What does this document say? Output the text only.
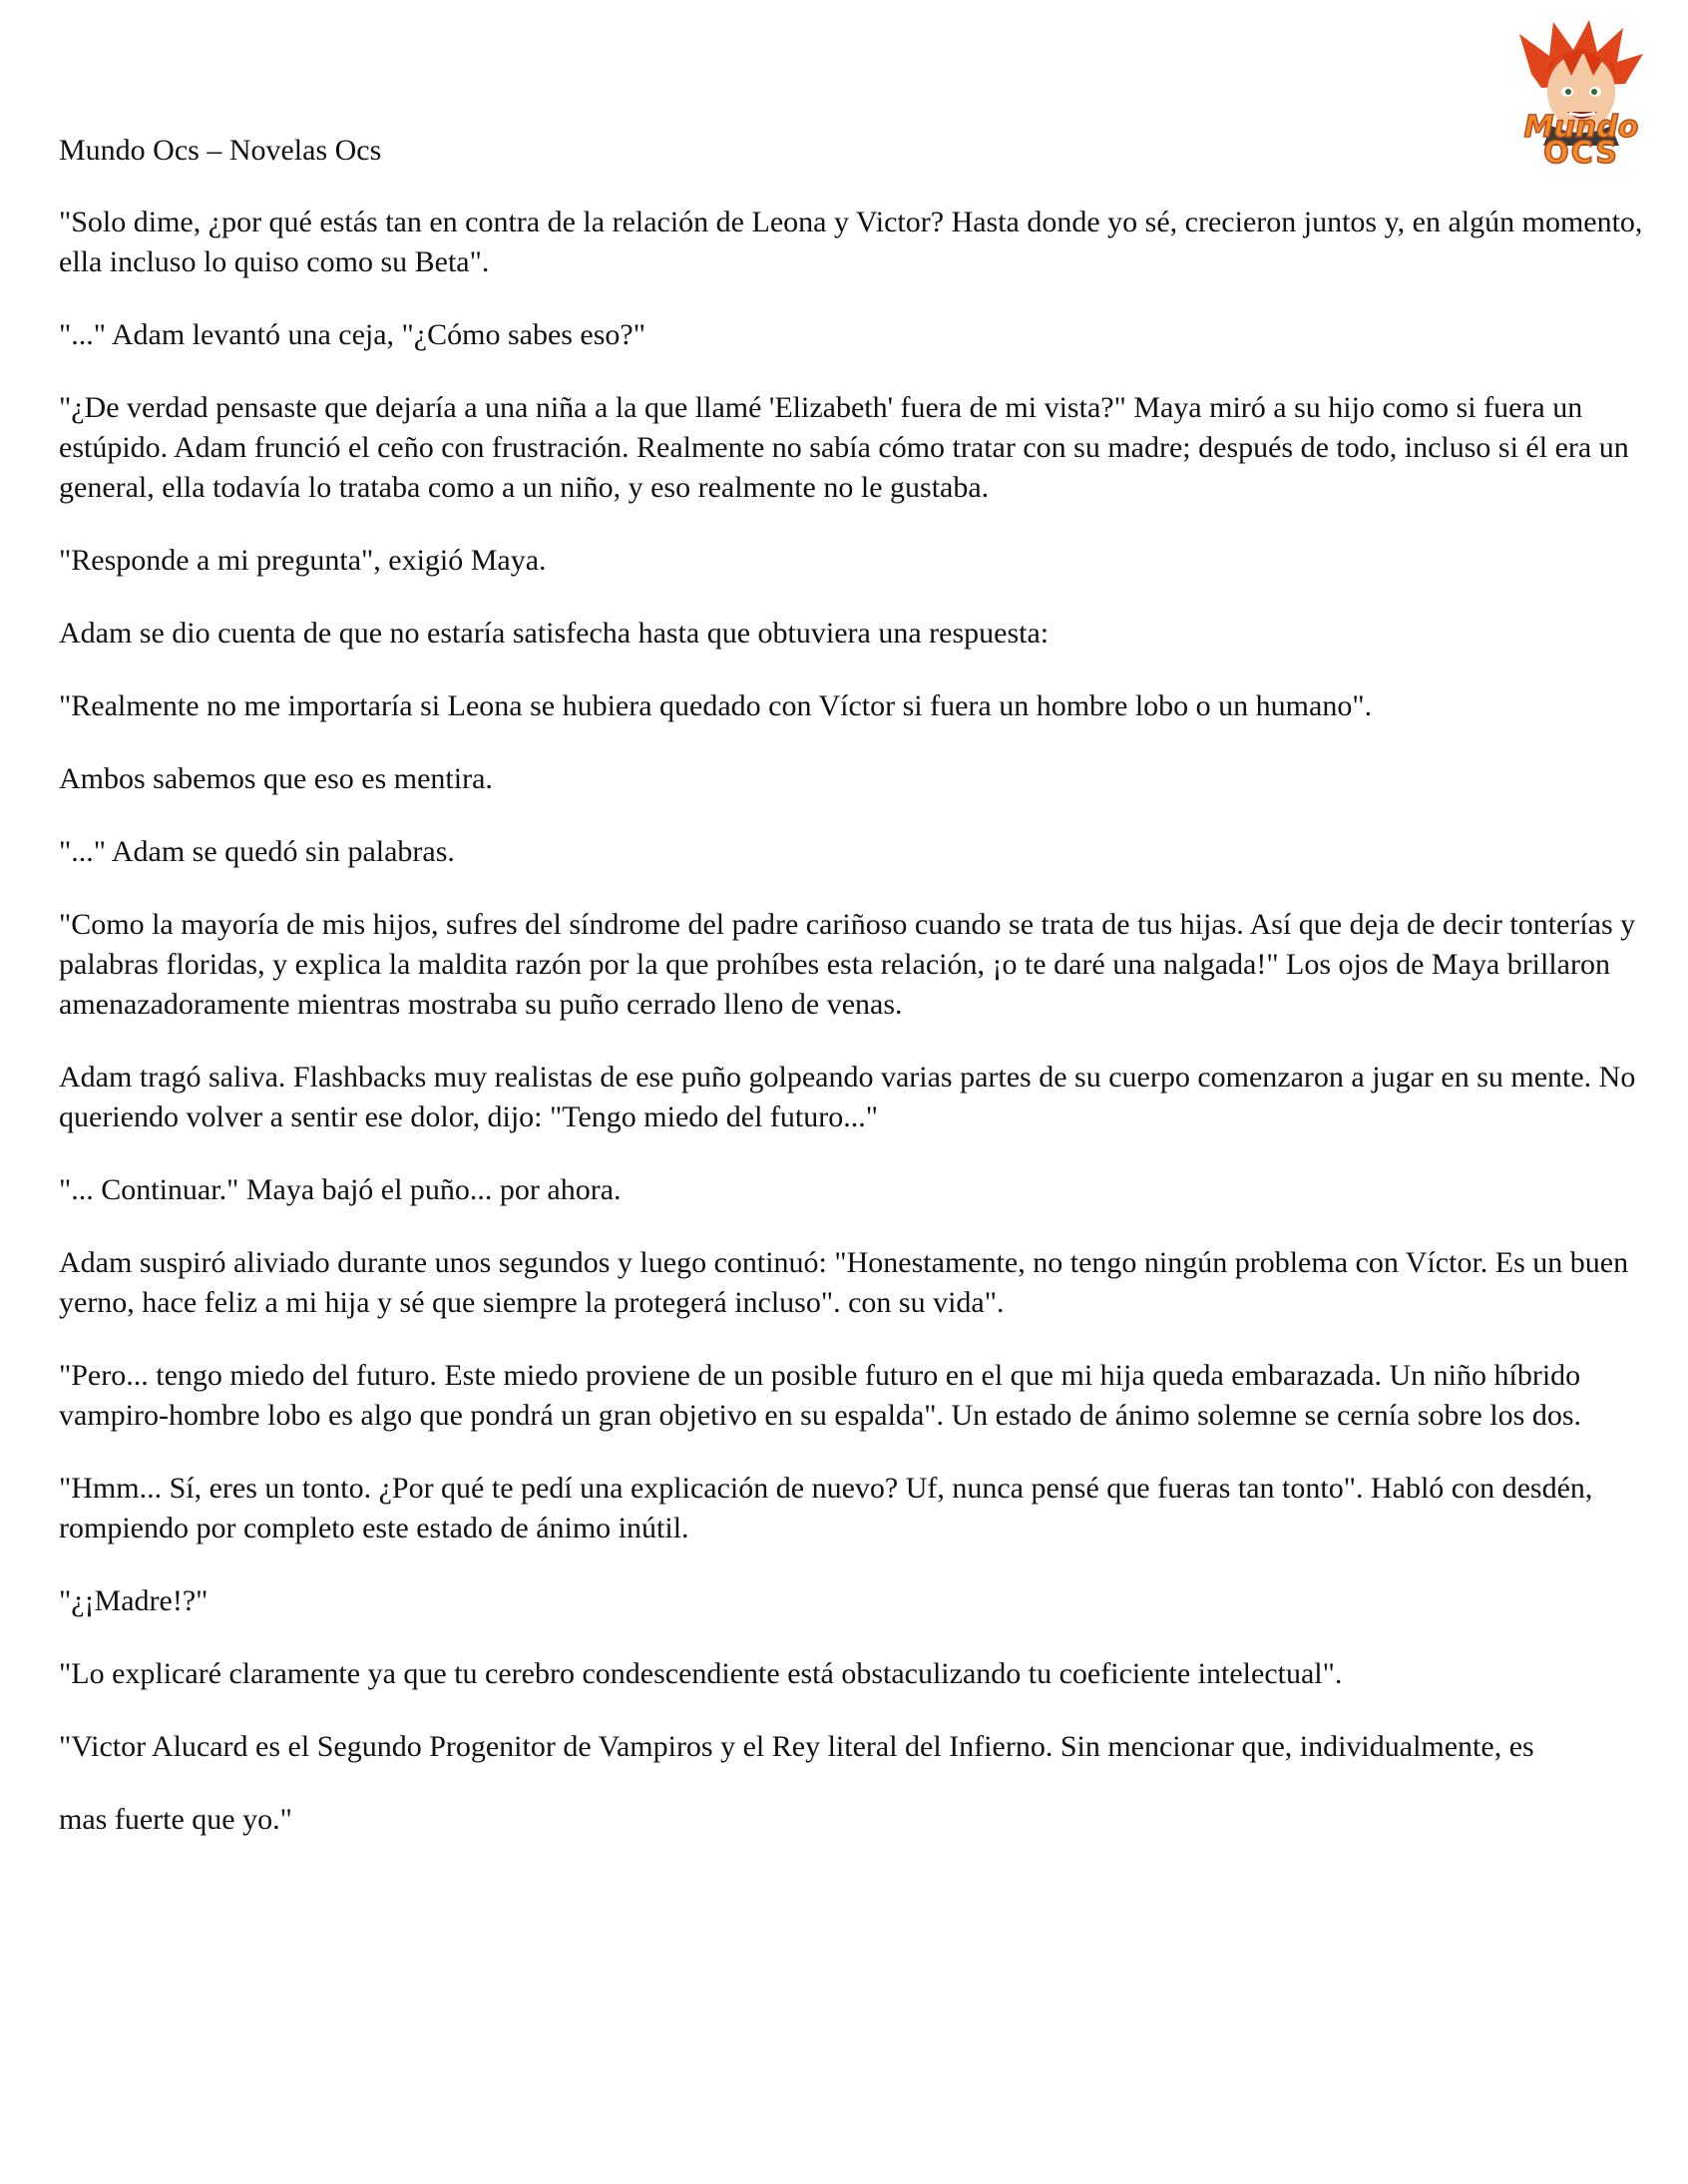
Mundo
OCS

Mundo Ocs – Novelas Ocs

"Solo dime, ¿por qué estás tan en contra de la relación de Leona y Victor? Hasta donde yo sé, crecieron juntos y, en algún momento, ella incluso lo quiso como su Beta".

"..." Adam levantó una ceja, "¿Cómo sabes eso?"

"¿De verdad pensaste que dejaría a una niña a la que llamé 'Elizabeth' fuera de mi vista?" Maya miró a su hijo como si fuera un estúpido. Adam frunció el ceño con frustración. Realmente no sabía cómo tratar con su madre; después de todo, incluso si él era un general, ella todavía lo trataba como a un niño, y eso realmente no le gustaba.

"Responde a mi pregunta", exigió Maya.

Adam se dio cuenta de que no estaría satisfecha hasta que obtuviera una respuesta:

"Realmente no me importaría si Leona se hubiera quedado con Víctor si fuera un hombre lobo o un humano".

Ambos sabemos que eso es mentira.

"..." Adam se quedó sin palabras.

"Como la mayoría de mis hijos, sufres del síndrome del padre cariñoso cuando se trata de tus hijas. Así que deja de decir tonterías y palabras floridas, y explica la maldita razón por la que prohíbes esta relación, ¡o te daré una nalgada!" Los ojos de Maya brillaron amenazadoramente mientras mostraba su puño cerrado lleno de venas.

Adam tragó saliva. Flashbacks muy realistas de ese puño golpeando varias partes de su cuerpo comenzaron a jugar en su mente. No queriendo volver a sentir ese dolor, dijo: "Tengo miedo del futuro..."

"... Continuar." Maya bajó el puño... por ahora.

Adam suspiró aliviado durante unos segundos y luego continuó: "Honestamente, no tengo ningún problema con Víctor. Es un buen yerno, hace feliz a mi hija y sé que siempre la protegerá incluso". con su vida".

"Pero... tengo miedo del futuro. Este miedo proviene de un posible futuro en el que mi hija queda embarazada. Un niño híbrido vampiro-hombre lobo es algo que pondrá un gran objetivo en su espalda". Un estado de ánimo solemne se cernía sobre los dos.

"Hmm... Sí, eres un tonto. ¿Por qué te pedí una explicación de nuevo? Uf, nunca pensé que fueras tan tonto". Habló con desdén, rompiendo por completo este estado de ánimo inútil.

"¿¡Madre!?"

"Lo explicaré claramente ya que tu cerebro condescendiente está obstaculizando tu coeficiente intelectual".

"Victor Alucard es el Segundo Progenitor de Vampiros y el Rey literal del Infierno. Sin mencionar que, individualmente, es

mas fuerte que yo."
